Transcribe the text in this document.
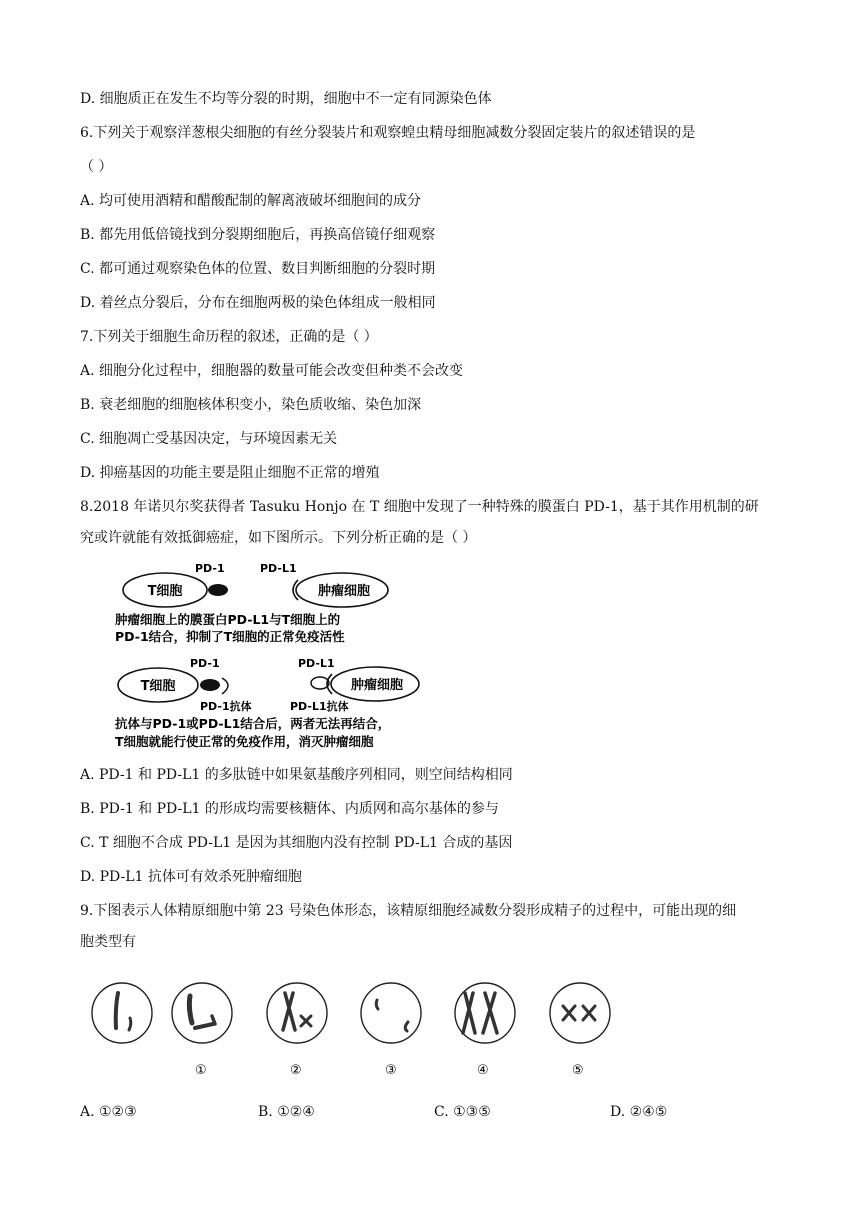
D. 细胞质正在发生不均等分裂的时期，细胞中不一定有同源染色体
6.下列关于观察洋葱根尖细胞的有丝分裂装片和观察蝗虫精母细胞减数分裂固定装片的叙述错误的是
（ ）
A. 均可使用酒精和醋酸配制的解离液破坏细胞间的成分
B. 都先用低倍镜找到分裂期细胞后，再换高倍镜仔细观察
C. 都可通过观察染色体的位置、数目判断细胞的分裂时期
D. 着丝点分裂后，分布在细胞两极的染色体组成一般相同
7.下列关于细胞生命历程的叙述，正确的是（ ）
A. 细胞分化过程中，细胞器的数量可能会改变但种类不会改变
B. 衰老细胞的细胞核体积变小，染色质收缩、染色加深
C. 细胞凋亡受基因决定，与环境因素无关
D. 抑癌基因的功能主要是阻止细胞不正常的增殖
8.2018 年诺贝尔奖获得者 Tasuku Honjo 在 T 细胞中发现了一种特殊的膜蛋白 PD-1，基于其作用机制的研
究或许就能有效抵御癌症，如下图所示。下列分析正确的是（ ）
T细胞
PD-1	PD-L1
肿瘤细胞
肿瘤细胞上的膜蛋白PD-L1与T细胞上的
PD-1结合，抑制了T细胞的正常免疫活性
T细胞
PD-1
PD-1抗体
PD-L1
肿瘤细胞
PD-L1抗体
抗体与PD-1或PD-L1结合后，两者无法再结合，
T细胞就能行使正常的免疫作用，消灭肿瘤细胞
A. PD-1 和 PD-L1 的多肽链中如果氨基酸序列相同，则空间结构相同
B. PD-1 和 PD-L1 的形成均需要核糖体、内质网和高尔基体的参与
C. T 细胞不合成 PD-L1 是因为其细胞内没有控制 PD-L1 合成的基因
D. PD-L1 抗体可有效杀死肿瘤细胞
9.下图表示人体精原细胞中第 23 号染色体形态，该精原细胞经减数分裂形成精子的过程中，可能出现的细
胞类型有
①	②	③	④	⑤
A. ①②③	B. ①②④	C. ①③⑤	D. ②④⑤
